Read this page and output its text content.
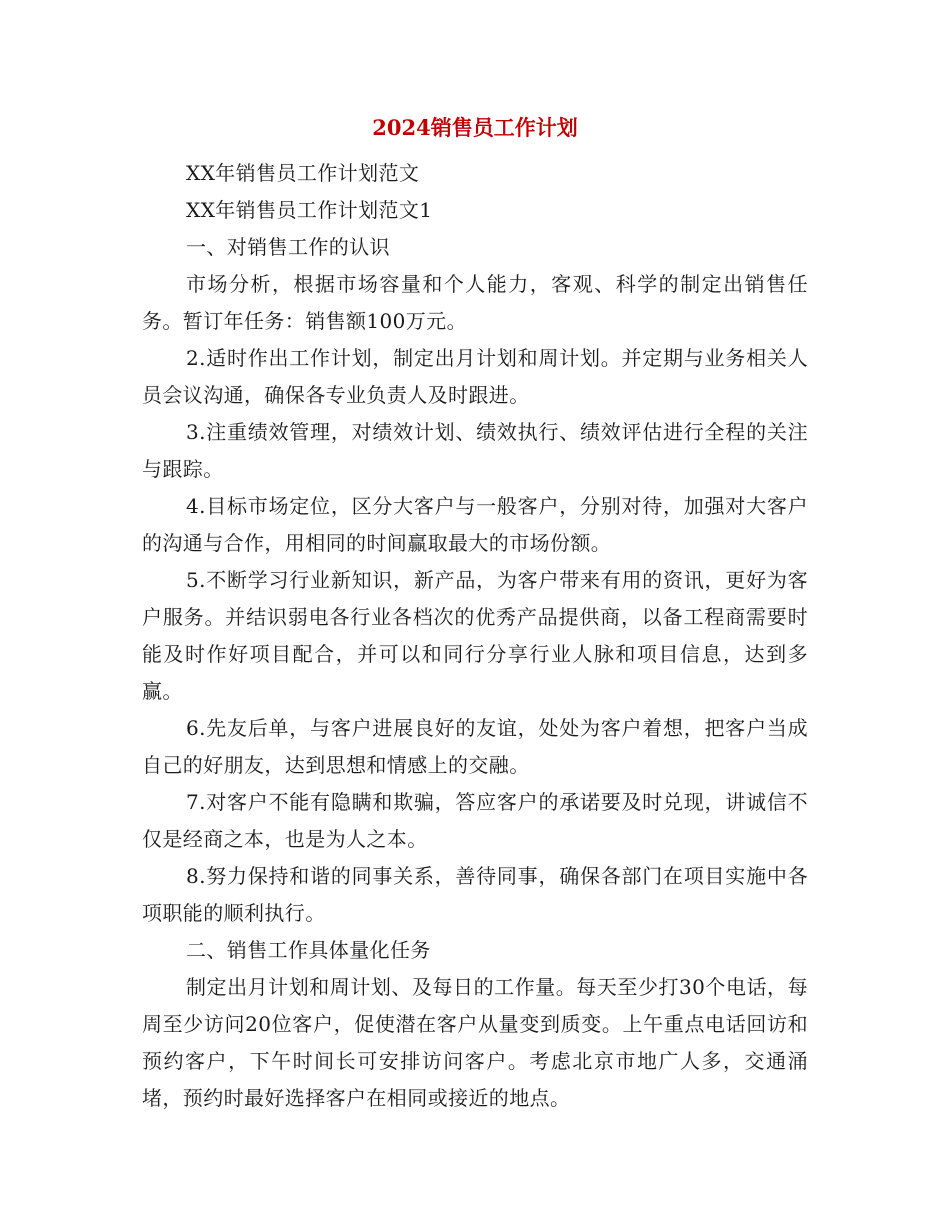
2024销售员工作计划

XX年销售员工作计划范文

XX年销售员工作计划范文1

一、对销售工作的认识

市场分析，根据市场容量和个人能力，客观、科学的制定出销售任务。暂订年任务：销售额100万元。

2.适时作出工作计划，制定出月计划和周计划。并定期与业务相关人员会议沟通，确保各专业负责人及时跟进。

3.注重绩效管理，对绩效计划、绩效执行、绩效评估进行全程的关注与跟踪。

4.目标市场定位，区分大客户与一般客户，分别对待，加强对大客户的沟通与合作，用相同的时间赢取最大的市场份额。

5.不断学习行业新知识，新产品，为客户带来有用的资讯，更好为客户服务。并结识弱电各行业各档次的优秀产品提供商，以备工程商需要时能及时作好项目配合，并可以和同行分享行业人脉和项目信息，达到多赢。

6.先友后单，与客户进展良好的友谊，处处为客户着想，把客户当成自己的好朋友，达到思想和情感上的交融。

7.对客户不能有隐瞒和欺骗，答应客户的承诺要及时兑现，讲诚信不仅是经商之本，也是为人之本。

8.努力保持和谐的同事关系，善待同事，确保各部门在项目实施中各项职能的顺利执行。

二、销售工作具体量化任务

制定出月计划和周计划、及每日的工作量。每天至少打30个电话，每周至少访问20位客户，促使潜在客户从量变到质变。上午重点电话回访和预约客户，下午时间长可安排访问客户。考虑北京市地广人多，交通涌堵，预约时最好选择客户在相同或接近的地点。
